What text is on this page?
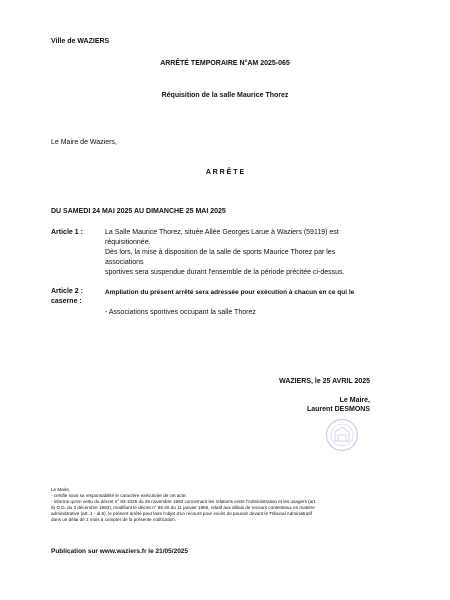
Ville de WAZIERS
ARRÊTÉ TEMPORAIRE N°AM 2025-065
Réquisition de la salle Maurice Thorez
Le Maire de Waziers,
A R R Ê T E
DU SAMEDI 24 MAI 2025 AU DIMANCHE 25 MAI 2025
Article 1 :	La Salle Maurice Thorez, située Allée Georges Larue à Waziers (59119) est
réquisitionnée.
Dès lors, la mise à disposition de la salle de sports Maurice Thorez par les
associations
sportives sera suspendue durant l'ensemble de la période précitée ci-dessus.
Article 2 :
caserne :
Ampliation du présent arrêté sera adressée pour exécution à chacun en ce qui le
- Associations sportives occupant la salle Thorez
WAZIERS, le 25 AVRIL 2025
Le Maire,
Laurent DESMONS
Le Maire,
- certifie sous sa responsabilité le caractère exécutoire de cet acte.
- informe qu'en vertu du décret n° 83-1025 du 28 novembre 1983 concernant les relations entre l'Administration et les usagers (art.
9) O.D. du 3 décembre 1983), modifiant le décret n° 65-25 du 11 janvier 1965, relatif aux délais de recours contentieux en matière
administrative (art. 1 - al.6), le présent arrêté peut faire l'objet d'un recours pour excès de pouvoir devant le Tribunal Administratif
dans un délai de 2 mois à compter de la présente notification.
Publication sur www.waziers.fr le 21/05/2025
